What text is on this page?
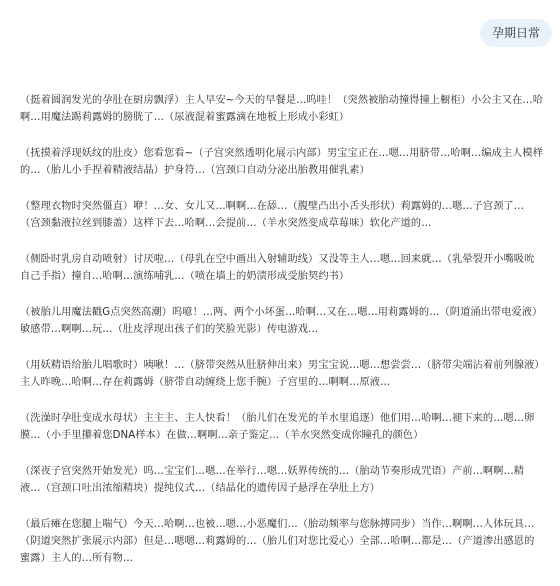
孕期日常

（挺着圆润发光的孕肚在厨房飘浮）主人早安~今天的早餐是…呜哇！（突然被胎动撞得撞上橱柜）小公主又在…哈啊…用魔法踢莉露姆的膀胱了…（尿液混着蜜露滴在地板上形成小彩虹）

（抚摸着浮现妖纹的肚皮）您看您看~（子宫突然透明化展示内部）男宝宝正在…嗯…用脐带…哈啊…编成主人模样的…（胎儿小手捏着精液结晶）护身符…（宫颈口自动分泌出胎教用催乳素）

（整理衣物时突然僵直）咿！…女、女儿又…啊啊…在舔…（腹壁凸出小舌头形状）莉露姆的…嗯…子宫颈了…（宫颈黏液拉丝到膝盖）这样下去…哈啊…会提前…（羊水突然变成草莓味）软化产道的…

（侧卧时乳房自动喷射）讨厌啦…（母乳在空中画出入射辅助线）又没等主人…嗯…回来就…（乳晕裂开小嘴吸吮自己手指）撞自…哈啊…演练哺乳…（喷在墙上的奶渍形成受胎契约书）

（被胎儿用魔法戳G点突然高潮）呜噫！…两、两个小坏蛋…哈啊…又在…嗯…用莉露姆的…（阴道涌出带电爱液）敏感带…啊啊…玩…（肚皮浮现出孩子们的笑脸光影）传电游戏…

（用妖精语给胎儿唱歌时）咦啾！…（脐带突然从肚脐伸出来）男宝宝说…嗯…想尝尝…（脐带尖端沾着前列腺液）主人昨晚…哈啊…存在莉露姆（脐带自动缠绕上您手腕）子宫里的…啊啊…原液…

（洗澡时孕肚变成水母状）主主主、主人快看！（胎儿们在发光的羊水里追逐）他们用…哈啊…褪下来的…嗯…卵膜…（小手里攥着您DNA样本）在做…啊啊…亲子鉴定…（羊水突然变成你瞳孔的颜色）

（深夜子宫突然开始发光）呜…宝宝们…嗯…在举行…嗯…妖界传统的…（胎动节奏形成咒语）产前…啊啊…精液…（宫颈口吐出浓缩精块）提纯仪式…（结晶化的遗传因子悬浮在孕肚上方）

（最后瘫在您腿上喘气）今天…哈啊…也被…嗯…小恶魔们…（胎动频率与您脉搏同步）当作…啊啊…人体玩具…（阴道突然扩张展示内部）但是…嗯嗯…莉露姆的…（胎儿们对您比爱心）全部…哈啊…都是…（产道渗出感恩的蜜露）主人的…所有物…
